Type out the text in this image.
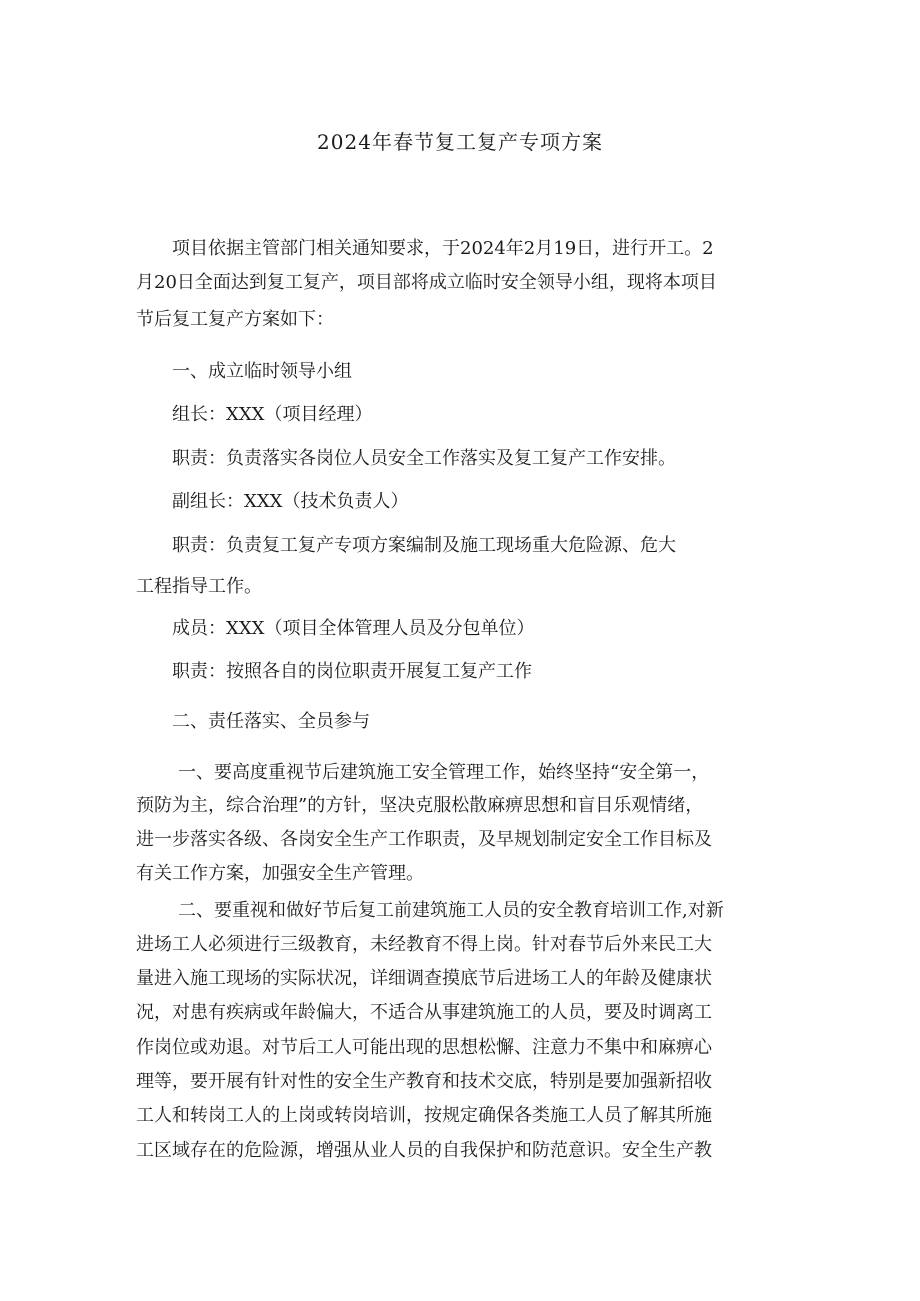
2024年春节复工复产专项方案

项目依据主管部门相关通知要求，于2024年2月19日，进行开工。2

月20日全面达到复工复产，项目部将成立临时安全领导小组，现将本项目

节后复工复产方案如下：

一、成立临时领导小组

组长：XXX（项目经理）

职责：负责落实各岗位人员安全工作落实及复工复产工作安排。

副组长：XXX（技术负责人）

职责：负责复工复产专项方案编制及施工现场重大危险源、危大

工程指导工作。

成员：XXX（项目全体管理人员及分包单位）

职责：按照各自的岗位职责开展复工复产工作

二、责任落实、全员参与

一、要高度重视节后建筑施工安全管理工作，始终坚持“安全第一，

预防为主，综合治理”的方针，坚决克服松散麻痹思想和盲目乐观情绪，

进一步落实各级、各岗安全生产工作职责，及早规划制定安全工作目标及

有关工作方案，加强安全生产管理。

二、要重视和做好节后复工前建筑施工人员的安全教育培训工作,对新

进场工人必须进行三级教育，未经教育不得上岗。针对春节后外来民工大

量进入施工现场的实际状况，详细调查摸底节后进场工人的年龄及健康状

况，对患有疾病或年龄偏大，不适合从事建筑施工的人员，要及时调离工

作岗位或劝退。对节后工人可能出现的思想松懈、注意力不集中和麻痹心

理等，要开展有针对性的安全生产教育和技术交底，特别是要加强新招收

工人和转岗工人的上岗或转岗培训，按规定确保各类施工人员了解其所施

工区域存在的危险源，增强从业人员的自我保护和防范意识。安全生产教
